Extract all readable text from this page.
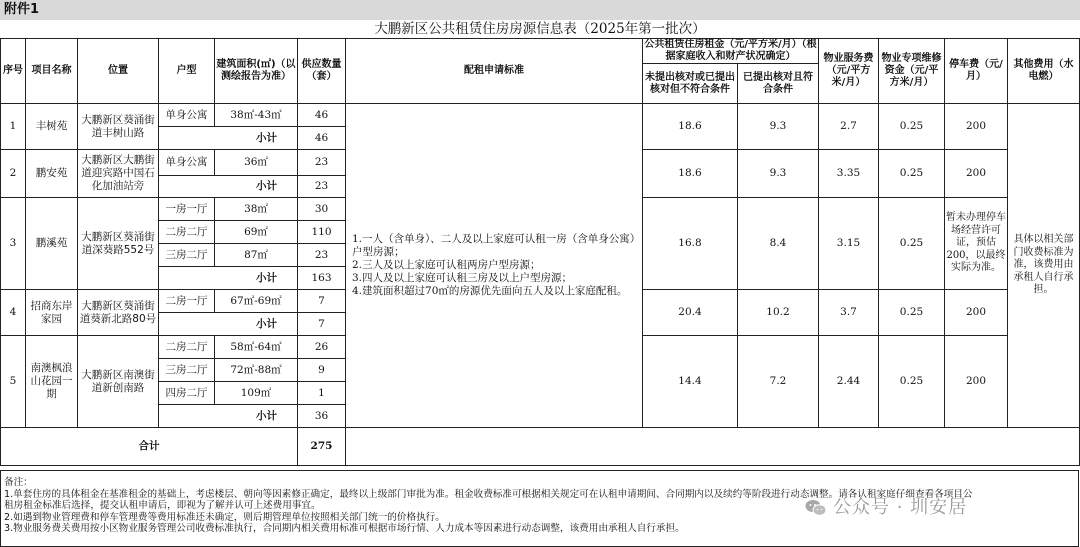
附件1
大鹏新区公共租赁住房房源信息表（2025年第一批次）
序号	项目名称	位置	户型	建筑面积(㎡)（以测绘报告为准）	供应数量（套）	配租申请标准	公共租赁住房租金（元/平方米/月）（根据家庭收入和财产状况确定）		物业服务费（元/平方米/月）	物业专项维修资金（元/平方米/月）	停车费（元/月）	其他费用（水电燃）
							未提出核对或已提出核对但不符合条件	已提出核对且符合条件				
1	丰树苑	大鹏新区葵涌街道丰树山路	单身公寓	38㎡-43㎡	46	1.一人（含单身）、二人及以上家庭可认租一房（含单身公寓）户型房源；
2.三人及以上家庭可认租两房户型房源；
3.四人及以上家庭可认租三房及以上户型房源；
4.建筑面积超过70㎡的房源优先面向五人及以上家庭配租。	18.6	9.3	2.7	0.25	200	具体以相关部门收费标准为准，该费用由承租人自行承担。
			小计		46							
2	鹏安苑	大鹏新区大鹏街道迎宾路中国石化加油站旁	单身公寓	36㎡	23		18.6	9.3	3.35	0.25	200	
			小计		23							
3	鹏溪苑	大鹏新区葵涌街道深葵路552号	一房一厅	38㎡	30		16.8	8.4	3.15	0.25	暂未办理停车场经营许可证，预估200，以最终实际为准。	
			二房二厅	69㎡	110							
			三房二厅	87㎡	23							
			小计		163							
4	招商东岸家园	大鹏新区葵涌街道葵新北路80号	二房一厅	67㎡-69㎡	7		20.4	10.2	3.7	0.25	200	
			小计		7							
5	南澳枫浪山花园一期	大鹏新区南澳街道新创南路	二房二厅	58㎡-64㎡	26		14.4	7.2	2.44	0.25	200	
			三房二厅	72㎡-88㎡	9							
			四房二厅	109㎡	1							
			小计		36							
合计					275							

备注：

1.单套住房的具体租金在基准租金的基础上，考虑楼层、朝向等因素修正确定，最终以上级部门审批为准。租金收费标准可根据相关规定可在认租申请期间、合同期内以及续约等阶段进行动态调整。请各认租家庭仔细查看各项目公

租房租金标准后选择，提交认租申请后，即视为了解并认可上述费用事宜。

2.如遇到物业管理费和停车管理费等费用标准还未确定，则后期管理单位按照相关部门统一的价格执行。

3.物业服务费关费用按小区物业服务管理公司收费标准执行，合同期内相关费用标准可根据市场行情、人力成本等因素进行动态调整，该费用由承租人自行承担。

公众号 · 圳安居
